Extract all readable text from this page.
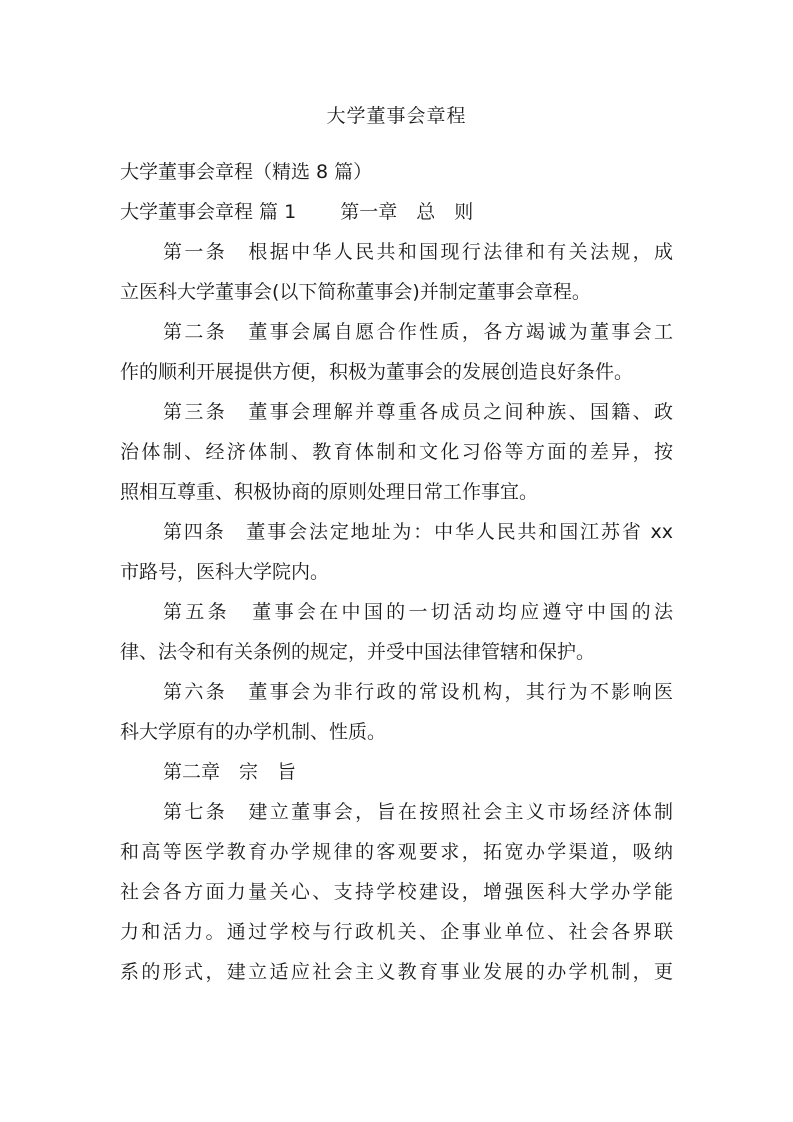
大学董事会章程
大学董事会章程（精选 8 篇）
大学董事会章程 篇 1　　 第一章　总　则
第一条　根据中华人民共和国现行法律和有关法规，成
立医科大学董事会(以下简称董事会)并制定董事会章程。
第二条　董事会属自愿合作性质，各方竭诚为董事会工
作的顺利开展提供方便，积极为董事会的发展创造良好条件。
第三条　董事会理解并尊重各成员之间种族、国籍、政
治体制、经济体制、教育体制和文化习俗等方面的差异，按
照相互尊重、积极协商的原则处理日常工作事宜。
第四条　董事会法定地址为：中华人民共和国江苏省 xx
市路号，医科大学院内。
第五条　董事会在中国的一切活动均应遵守中国的法
律、法令和有关条例的规定，并受中国法律管辖和保护。
第六条　董事会为非行政的常设机构，其行为不影响医
科大学原有的办学机制、性质。
第二章　宗　旨
第七条　建立董事会，旨在按照社会主义市场经济体制
和高等医学教育办学规律的客观要求，拓宽办学渠道，吸纳
社会各方面力量关心、支持学校建设，增强医科大学办学能
力和活力。通过学校与行政机关、企事业单位、社会各界联
系的形式，建立适应社会主义教育事业发展的办学机制，更
